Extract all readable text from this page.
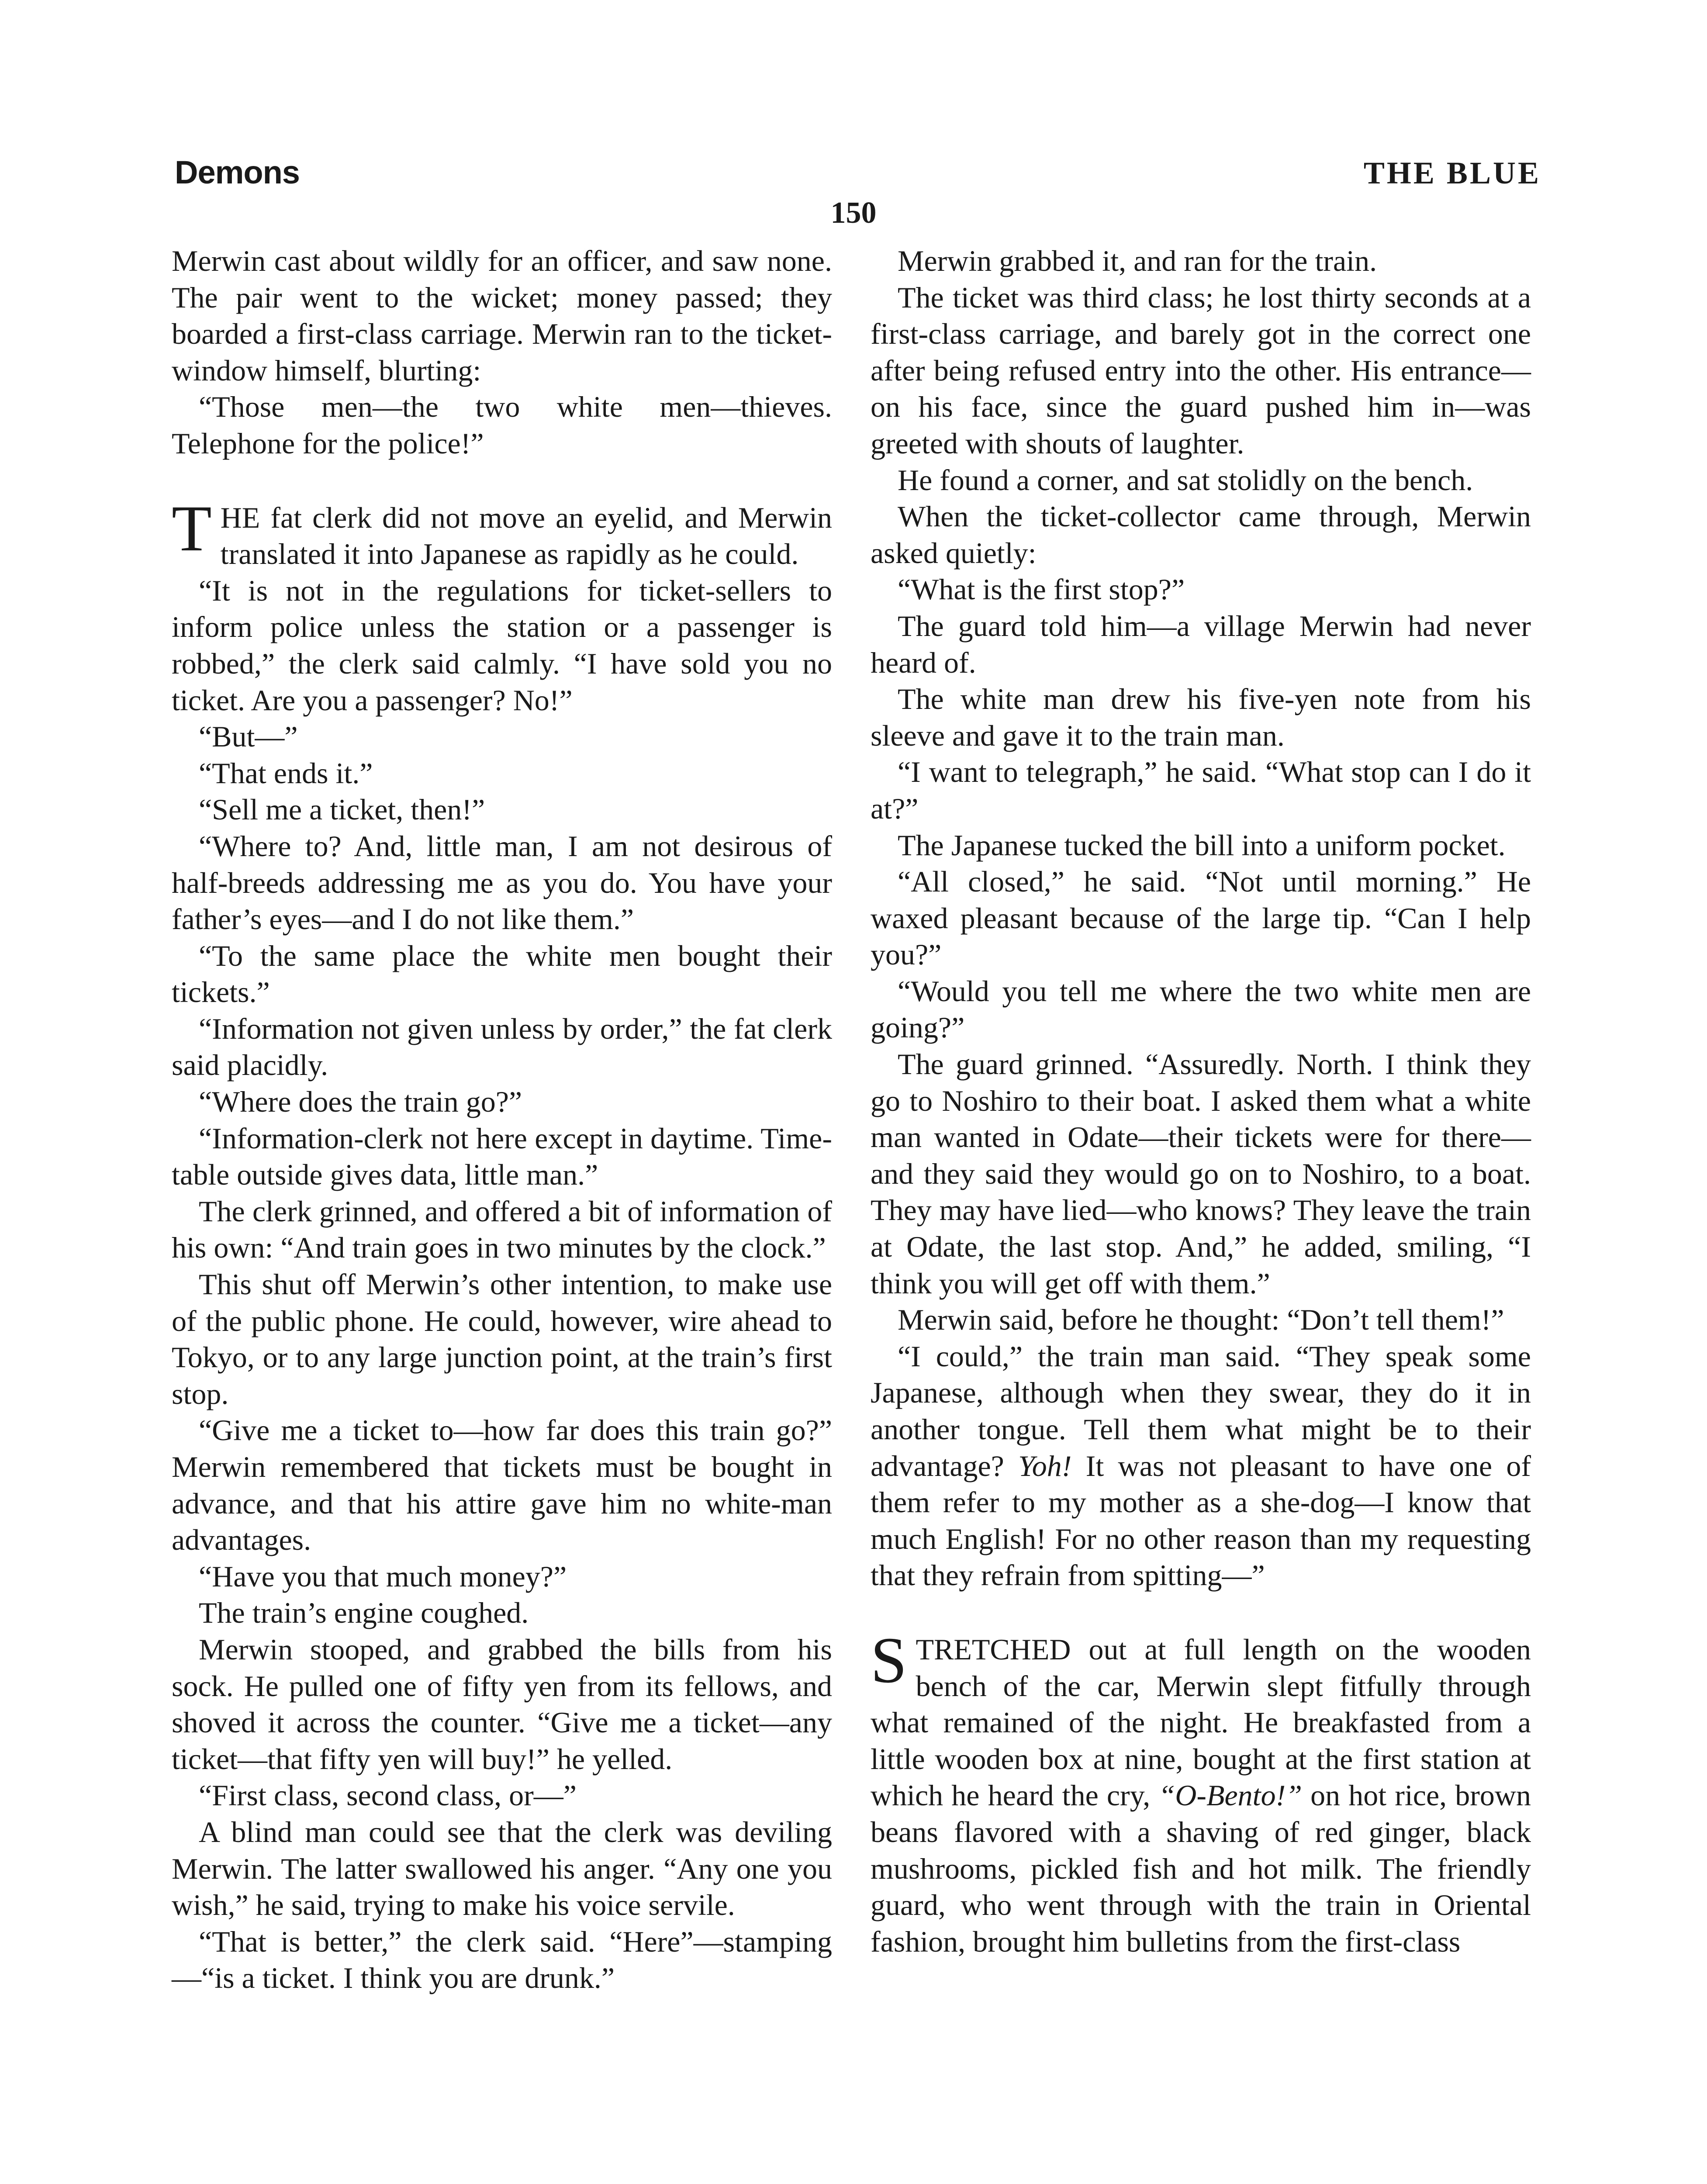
Demons	THE BLUE
150

Merwin cast about wildly for an officer, and saw none. The pair went to the wicket; money passed; they boarded a first-class carriage. Merwin ran to the ticket-window himself, blurting:

“Those men—the two white men—thieves. Telephone for the police!”

THE fat clerk did not move an eyelid, and Merwin translated it into Japanese as rapidly as he could.

“It is not in the regulations for ticket-sellers to inform police unless the station or a passenger is robbed,” the clerk said calmly. “I have sold you no ticket. Are you a passenger? No!”

“But—”

“That ends it.”

“Sell me a ticket, then!”

“Where to? And, little man, I am not desirous of half-breeds addressing me as you do. You have your father’s eyes—and I do not like them.”

“To the same place the white men bought their tickets.”

“Information not given unless by order,” the fat clerk said placidly.

“Where does the train go?”

“Information-clerk not here except in daytime. Time-table outside gives data, little man.”

The clerk grinned, and offered a bit of information of his own: “And train goes in two minutes by the clock.”

This shut off Merwin’s other intention, to make use of the public phone. He could, however, wire ahead to Tokyo, or to any large junction point, at the train’s first stop.

“Give me a ticket to—how far does this train go?” Merwin remembered that tickets must be bought in advance, and that his attire gave him no white-man advantages.

“Have you that much money?”

The train’s engine coughed.

Merwin stooped, and grabbed the bills from his sock. He pulled one of fifty yen from its fellows, and shoved it across the counter. “Give me a ticket—any ticket—that fifty yen will buy!” he yelled.

“First class, second class, or—”

A blind man could see that the clerk was deviling Merwin. The latter swallowed his anger. “Any one you wish,” he said, trying to make his voice servile.

“That is better,” the clerk said. “Here”—stamping—“is a ticket. I think you are drunk.”

Merwin grabbed it, and ran for the train.

The ticket was third class; he lost thirty seconds at a first-class carriage, and barely got in the correct one after being refused entry into the other. His entrance—on his face, since the guard pushed him in—was greeted with shouts of laughter.

He found a corner, and sat stolidly on the bench.

When the ticket-collector came through, Merwin asked quietly:

“What is the first stop?”

The guard told him—a village Merwin had never heard of.

The white man drew his five-yen note from his sleeve and gave it to the train man.

“I want to telegraph,” he said. “What stop can I do it at?”

The Japanese tucked the bill into a uniform pocket.

“All closed,” he said. “Not until morning.” He waxed pleasant because of the large tip. “Can I help you?”

“Would you tell me where the two white men are going?”

The guard grinned. “Assuredly. North. I think they go to Noshiro to their boat. I asked them what a white man wanted in Odate—their tickets were for there—and they said they would go on to Noshiro, to a boat. They may have lied—who knows? They leave the train at Odate, the last stop. And,” he added, smiling, “I think you will get off with them.”

Merwin said, before he thought: “Don’t tell them!”

“I could,” the train man said. “They speak some Japanese, although when they swear, they do it in another tongue. Tell them what might be to their advantage? Yoh! It was not pleasant to have one of them refer to my mother as a she-dog—I know that much English! For no other reason than my requesting that they refrain from spitting—”

STRETCHED out at full length on the wooden bench of the car, Merwin slept fitfully through what remained of the night. He breakfasted from a little wooden box at nine, bought at the first station at which he heard the cry, “O-Bento!” on hot rice, brown beans flavored with a shaving of red ginger, black mushrooms, pickled fish and hot milk. The friendly guard, who went through with the train in Oriental fashion, brought him bulletins from the first-class
